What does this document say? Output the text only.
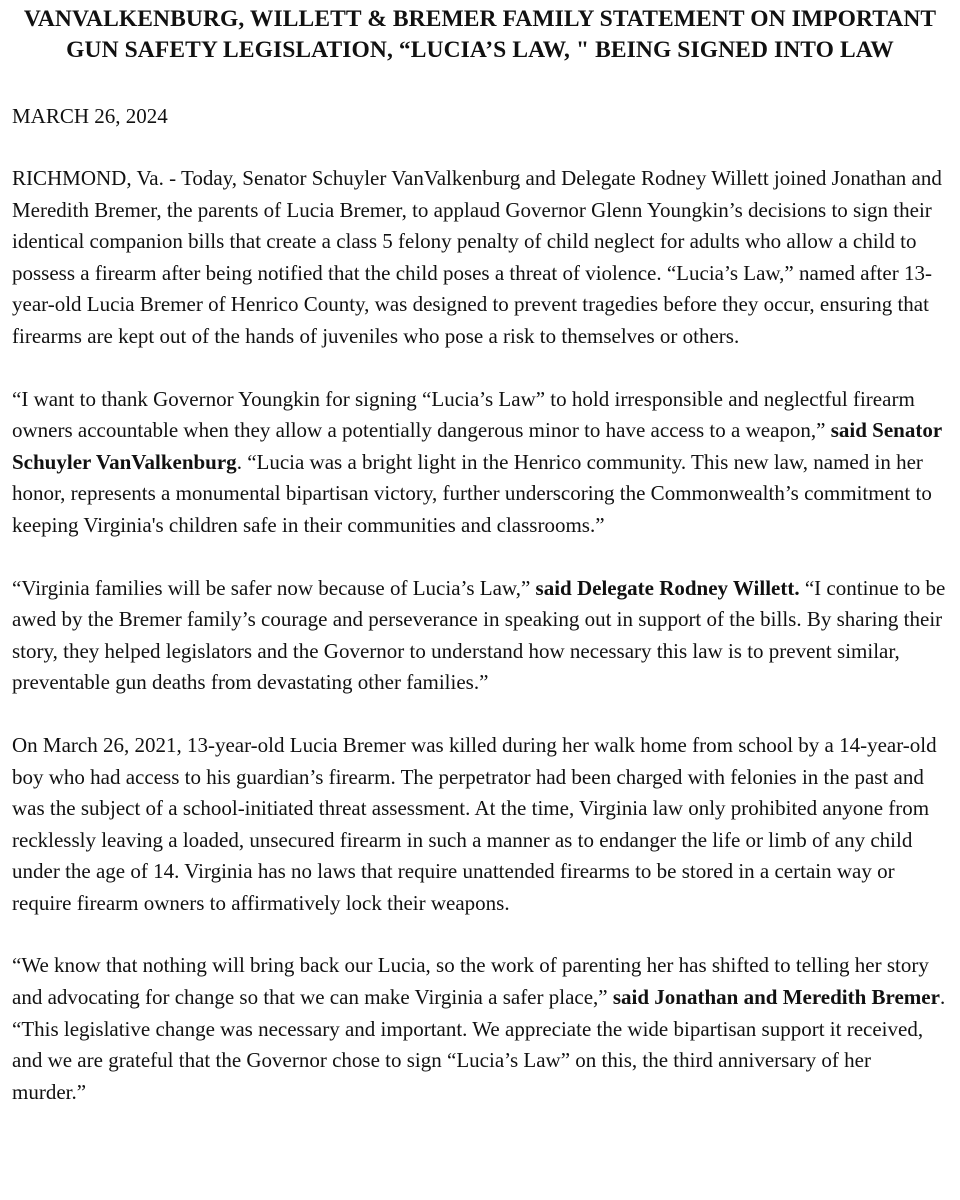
VANVALKENBURG, WILLETT & BREMER FAMILY STATEMENT ON IMPORTANT
GUN SAFETY LEGISLATION, “LUCIA’S LAW, " BEING SIGNED INTO LAW

MARCH 26, 2024

RICHMOND, Va. - Today, Senator Schuyler VanValkenburg and Delegate Rodney Willett joined Jonathan and Meredith Bremer, the parents of Lucia Bremer, to applaud Governor Glenn Youngkin’s decisions to sign their identical companion bills that create a class 5 felony penalty of child neglect for adults who allow a child to possess a firearm after being notified that the child poses a threat of violence. “Lucia’s Law,” named after 13-year-old Lucia Bremer of Henrico County, was designed to prevent tragedies before they occur, ensuring that firearms are kept out of the hands of juveniles who pose a risk to themselves or others.

“I want to thank Governor Youngkin for signing “Lucia’s Law” to hold irresponsible and neglectful firearm owners accountable when they allow a potentially dangerous minor to have access to a weapon,” said Senator Schuyler VanValkenburg. “Lucia was a bright light in the Henrico community. This new law, named in her honor, represents a monumental bipartisan victory, further underscoring the Commonwealth’s commitment to keeping Virginia's children safe in their communities and classrooms.”

“Virginia families will be safer now because of Lucia’s Law,” said Delegate Rodney Willett. “I continue to be awed by the Bremer family’s courage and perseverance in speaking out in support of the bills. By sharing their story, they helped legislators and the Governor to understand how necessary this law is to prevent similar, preventable gun deaths from devastating other families.”

On March 26, 2021, 13-year-old Lucia Bremer was killed during her walk home from school by a 14-year-old boy who had access to his guardian’s firearm. The perpetrator had been charged with felonies in the past and was the subject of a school-initiated threat assessment. At the time, Virginia law only prohibited anyone from recklessly leaving a loaded, unsecured firearm in such a manner as to endanger the life or limb of any child under the age of 14. Virginia has no laws that require unattended firearms to be stored in a certain way or require firearm owners to affirmatively lock their weapons.

“We know that nothing will bring back our Lucia, so the work of parenting her has shifted to telling her story and advocating for change so that we can make Virginia a safer place,” said Jonathan and Meredith Bremer. “This legislative change was necessary and important. We appreciate the wide bipartisan support it received, and we are grateful that the Governor chose to sign “Lucia’s Law” on this, the third anniversary of her murder.”
